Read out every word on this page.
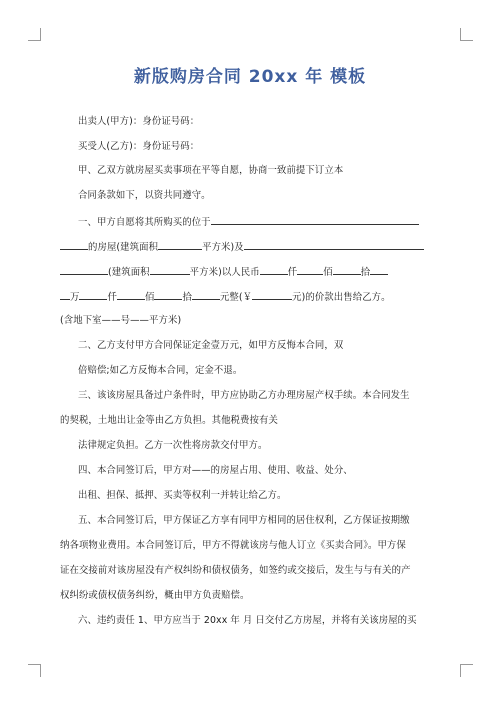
新版购房合同 20xx 年 模板
出卖人(甲方)：身份证号码：
买受人(乙方)：身份证号码：
甲、乙双方就房屋买卖事项在平等自愿，协商一致前提下订立本
合同条款如下，以资共同遵守。
一、甲方自愿将其所购买的位于
的房屋(建筑面积	平方米)及
(建筑面积	平方米)以人民币	仟	佰	拾
万	仟	佰	拾	元整(￥	元)的价款出售给乙方。
(含地下室——号——平方米)
二、乙方支付甲方合同保证定金壹万元，如甲方反悔本合同，双
倍赔偿;如乙方反悔本合同，定金不退。
三、该该房屋具备过户条件时，甲方应协助乙方办理房屋产权手续。本合同发生
的契税，土地出让金等由乙方负担。其他税费按有关
法律规定负担。乙方一次性将房款交付甲方。
四、本合同签订后，甲方对——的房屋占用、使用、收益、处分、
出租、担保、抵押、买卖等权利一并转让给乙方。
五、本合同签订后，甲方保证乙方享有同甲方相同的居住权利，乙方保证按期缴
纳各项物业费用。本合同签订后，甲方不得就该房与他人订立《买卖合同》。甲方保
证在交接前对该房屋没有产权纠纷和债权债务，如签约或交接后，发生与与有关的产
权纠纷或债权债务纠纷，概由甲方负责赔偿。
六、违约责任 1、甲方应当于 20xx 年 月 日交付乙方房屋，并将有关该房屋的买
